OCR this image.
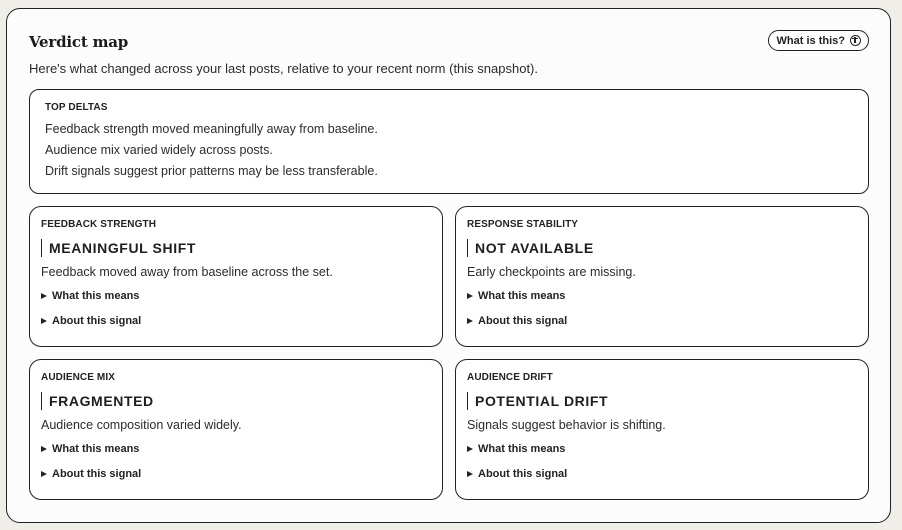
Verdict map
Here's what changed across your last posts, relative to your recent norm (this snapshot).
What is this?
TOP DELTAS
Feedback strength moved meaningfully away from baseline.
Audience mix varied widely across posts.
Drift signals suggest prior patterns may be less transferable.
FEEDBACK STRENGTH
MEANINGFUL SHIFT
Feedback moved away from baseline across the set.
What this means
About this signal
RESPONSE STABILITY
NOT AVAILABLE
Early checkpoints are missing.
What this means
About this signal
AUDIENCE MIX
FRAGMENTED
Audience composition varied widely.
What this means
About this signal
AUDIENCE DRIFT
POTENTIAL DRIFT
Signals suggest behavior is shifting.
What this means
About this signal
